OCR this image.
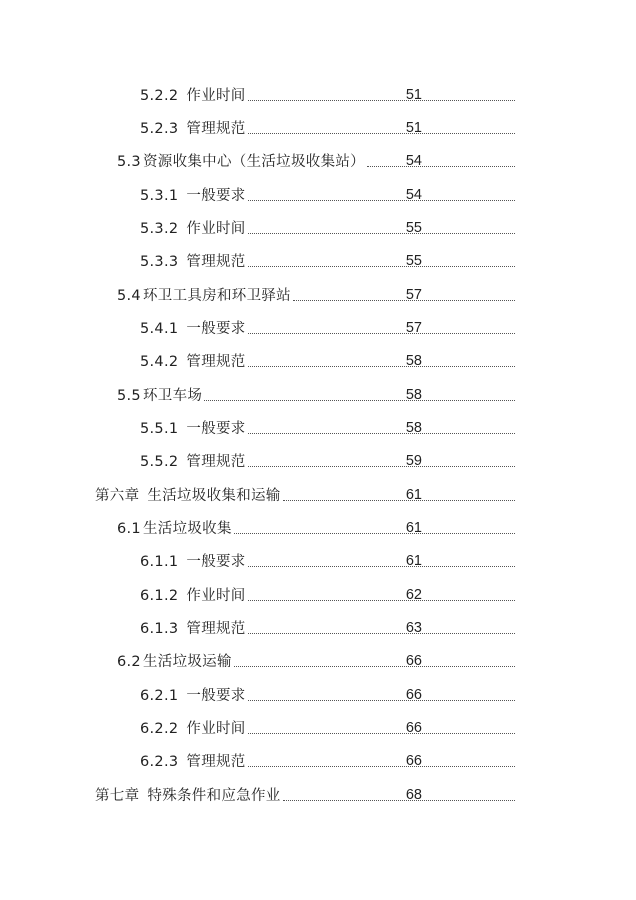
5.2.2 作业时间	51
5.2.3 管理规范	51
5.3 资源收集中心（生活垃圾收集站）	54
5.3.1 一般要求	54
5.3.2 作业时间	55
5.3.3 管理规范	55
5.4 环卫工具房和环卫驿站	57
5.4.1 一般要求	57
5.4.2 管理规范	58
5.5 环卫车场	58
5.5.1 一般要求	58
5.5.2 管理规范	59
第六章 生活垃圾收集和运输	61
6.1 生活垃圾收集	61
6.1.1 一般要求	61
6.1.2 作业时间	62
6.1.3 管理规范	63
6.2 生活垃圾运输	66
6.2.1 一般要求	66
6.2.2 作业时间	66
6.2.3 管理规范	66
第七章 特殊条件和应急作业	68
